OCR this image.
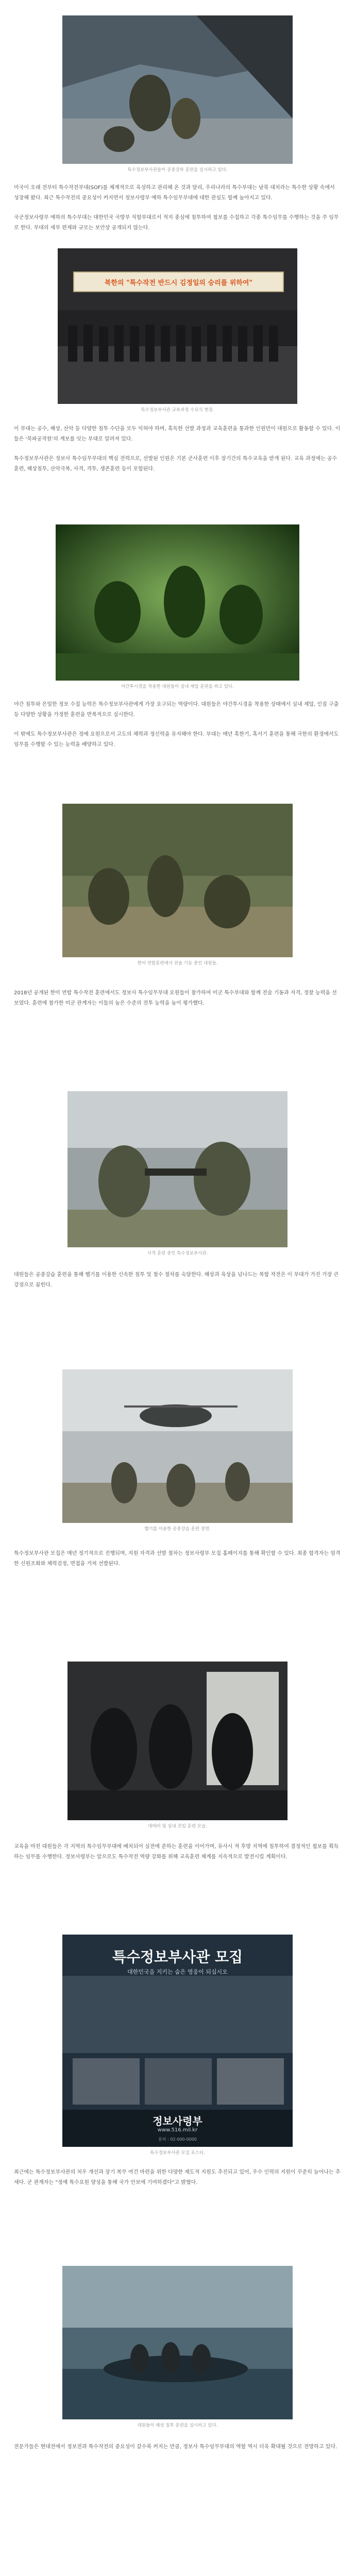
특수정보부사관들이 공중강하 훈련을 실시하고 있다.

미국이 오래 전부터 특수작전부대(SOF)를 체계적으로 육성하고 관리해 온 것과 달리, 우리나라의 특수부대는 남북 대치라는 특수한 상황 속에서 성장해 왔다. 최근 특수작전의 중요성이 커지면서 정보사령부 예하 특수임무부대에 대한 관심도 함께 높아지고 있다.

국군정보사령부 예하의 특수부대는 대한민국 국방부 직할부대로서 적지 종심에 침투하여 첩보를 수집하고 각종 특수임무를 수행하는 것을 주 임무로 한다. 부대의 세부 편제와 규모는 보안상 공개되지 않는다.

북한의 "특수작전 반드시 김정일의 승리를 위하여"
특수정보부사관 교육과정 수료식 현장.

이 부대는 공수, 해상, 산악 등 다양한 침투 수단을 모두 익혀야 하며, 혹독한 선발 과정과 교육훈련을 통과한 인원만이 대원으로 활동할 수 있다. 이들은 '북파공작원'의 계보를 잇는 부대로 알려져 있다.

특수정보부사관은 정보사 특수임무부대의 핵심 전력으로, 선발된 인원은 기본 군사훈련 이후 장기간의 특수교육을 받게 된다. 교육 과정에는 공수훈련, 해상침투, 산악극복, 사격, 격투, 생존훈련 등이 포함된다.

야간투시경을 착용한 대원들이 실내 제압 훈련을 하고 있다.

야간 침투와 은밀한 정보 수집 능력은 특수정보부사관에게 가장 요구되는 역량이다. 대원들은 야간투시경을 착용한 상태에서 실내 제압, 인질 구출 등 다양한 상황을 가정한 훈련을 반복적으로 실시한다.

이 밖에도 특수정보부사관은 정예 요원으로서 고도의 체력과 정신력을 유지해야 한다. 부대는 매년 혹한기, 혹서기 훈련을 통해 극한의 환경에서도 임무를 수행할 수 있는 능력을 배양하고 있다.

한미 연합훈련에서 전술 기동 중인 대원들.

2018년 공개된 한미 연합 특수작전 훈련에서도 정보사 특수임무부대 요원들이 참가하여 미군 특수부대와 함께 전술 기동과 저격, 정찰 능력을 선보였다. 훈련에 참가한 미군 관계자는 이들의 높은 수준의 전투 능력을 높이 평가했다.

사격 훈련 중인 특수정보부사관.

대원들은 공중강습 훈련을 통해 헬기를 이용한 신속한 침투 및 철수 절차를 숙달한다. 해상과 육상을 넘나드는 복합 작전은 이 부대가 가진 가장 큰 강점으로 꼽힌다.

헬기를 이용한 공중강습 훈련 장면.

특수정보부사관 모집은 매년 정기적으로 진행되며, 지원 자격과 선발 절차는 정보사령부 모집 홈페이지를 통해 확인할 수 있다. 최종 합격자는 엄격한 신원조회와 체력검정, 면접을 거쳐 선발된다.

대테러 및 실내 진입 훈련 모습.

교육을 마친 대원들은 각 지역의 특수임무부대에 배치되어 실전에 준하는 훈련을 이어가며, 유사시 적 후방 지역에 침투하여 결정적인 첩보를 획득하는 임무를 수행한다. 정보사령부는 앞으로도 특수작전 역량 강화를 위해 교육훈련 체계를 지속적으로 발전시킬 계획이다.

특수정보부사관 모집
대한민국을 지키는 숨은 영웅이 되십시오
정보사령부
www.516.mil.kr
문의 : 02-000-0000
특수정보부사관 모집 포스터.

최근에는 특수정보부사관의 처우 개선과 장기 복무 여건 마련을 위한 다양한 제도적 지원도 추진되고 있어, 우수 인력의 지원이 꾸준히 늘어나는 추세다. 군 관계자는 "정예 특수요원 양성을 통해 국가 안보에 기여하겠다"고 밝혔다.

대원들이 해상 침투 훈련을 실시하고 있다.

전문가들은 현대전에서 정보전과 특수작전의 중요성이 갈수록 커지는 만큼, 정보사 특수임무부대의 역할 역시 더욱 확대될 것으로 전망하고 있다.
